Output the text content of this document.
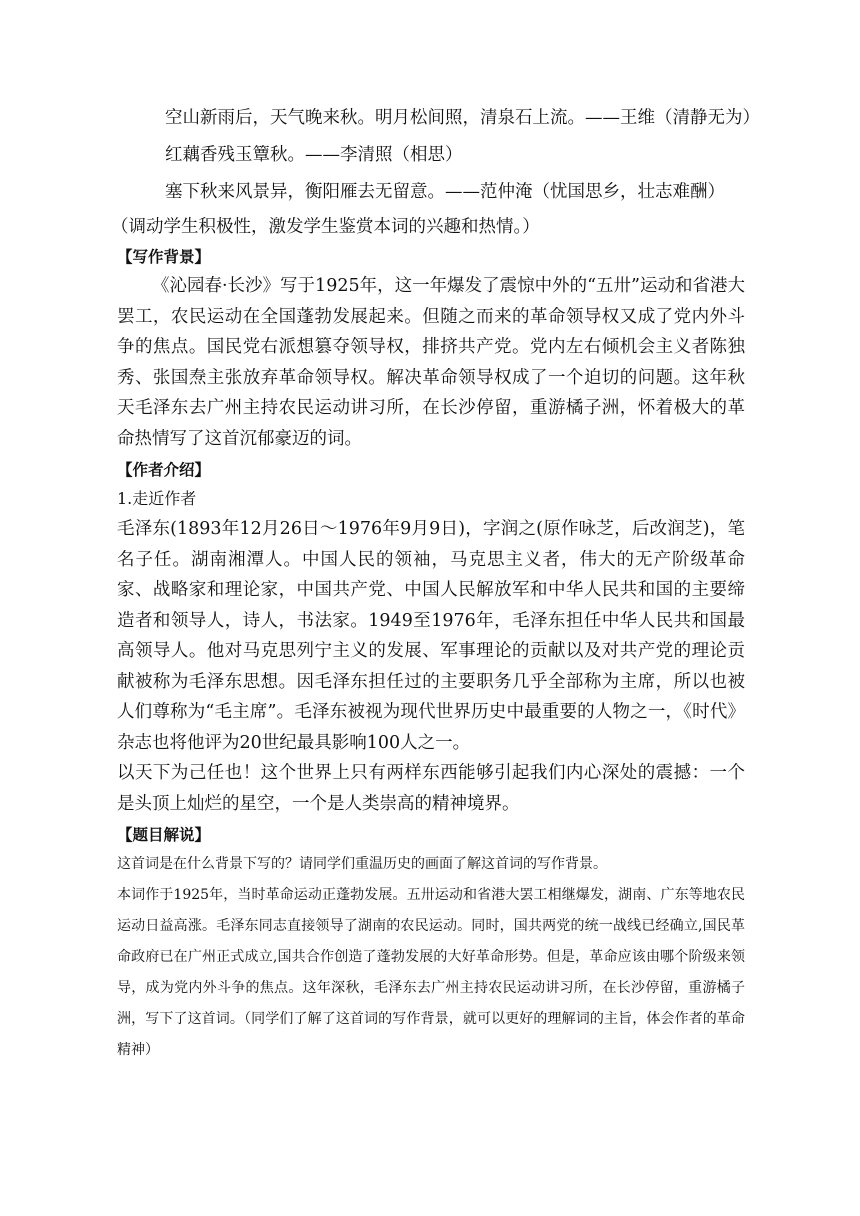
空山新雨后，天气晚来秋。明月松间照，清泉石上流。——王维（清静无为）
红藕香残玉簟秋。——李清照（相思）
塞下秋来风景异，衡阳雁去无留意。——范仲淹（忧国思乡，壮志难酬）
（调动学生积极性，激发学生鉴赏本词的兴趣和热情。）
【写作背景】
《沁园春·长沙》写于1925年，这一年爆发了震惊中外的“五卅”运动和省港大罢工，农民运动在全国蓬勃发展起来。但随之而来的革命领导权又成了党内外斗争的焦点。国民党右派想篡夺领导权，排挤共产党。党内左右倾机会主义者陈独秀、张国焘主张放弃革命领导权。解决革命领导权成了一个迫切的问题。这年秋天毛泽东去广州主持农民运动讲习所，在长沙停留，重游橘子洲，怀着极大的革命热情写了这首沉郁豪迈的词。
【作者介绍】
1.走近作者
毛泽东(1893年12月26日～1976年9月9日)，字润之(原作咏芝，后改润芝)，笔名子任。湖南湘潭人。中国人民的领袖，马克思主义者，伟大的无产阶级革命家、战略家和理论家，中国共产党、中国人民解放军和中华人民共和国的主要缔造者和领导人，诗人，书法家。1949至1976年，毛泽东担任中华人民共和国最高领导人。他对马克思列宁主义的发展、军事理论的贡献以及对共产党的理论贡献被称为毛泽东思想。因毛泽东担任过的主要职务几乎全部称为主席，所以也被人们尊称为“毛主席”。毛泽东被视为现代世界历史中最重要的人物之一，《时代》杂志也将他评为20世纪最具影响100人之一。
以天下为己任也！这个世界上只有两样东西能够引起我们内心深处的震撼：一个是头顶上灿烂的星空，一个是人类崇高的精神境界。
【题目解说】
这首词是在什么背景下写的？请同学们重温历史的画面了解这首词的写作背景。
本词作于1925年，当时革命运动正蓬勃发展。五卅运动和省港大罢工相继爆发，湖南、广东等地农民运动日益高涨。毛泽东同志直接领导了湖南的农民运动。同时，国共两党的统一战线已经确立,国民革命政府已在广州正式成立,国共合作创造了蓬勃发展的大好革命形势。但是，革命应该由哪个阶级来领导，成为党内外斗争的焦点。这年深秋，毛泽东去广州主持农民运动讲习所，在长沙停留，重游橘子洲，写下了这首词。（同学们了解了这首词的写作背景，就可以更好的理解词的主旨，体会作者的革命精神）
